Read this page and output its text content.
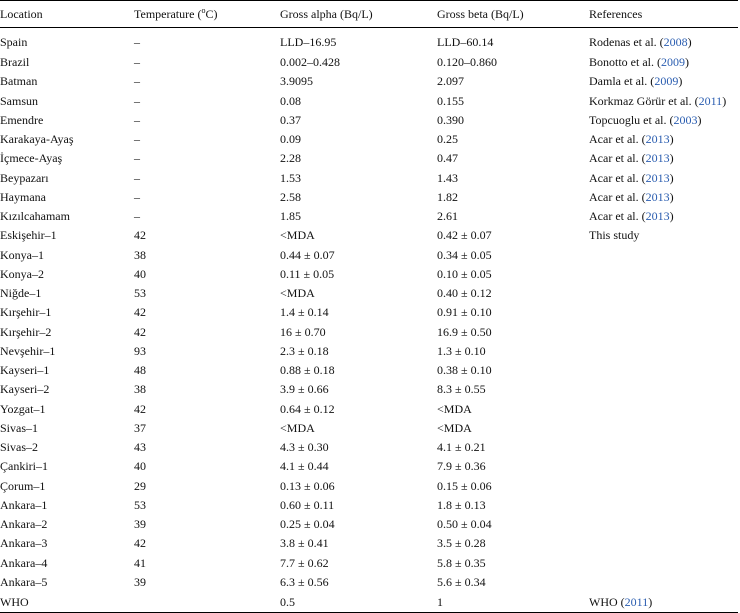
Location	Temperature ($^o$C)	Gross alpha (Bq/L)	Gross beta (Bq/L)	References
Spain	–	LLD–16.95	LLD–60.14	Rodenas et al. (2008)
Brazil	–	0.002–0.428	0.120–0.860	Bonotto et al. (2009)
Batman	–	3.9095	2.097	Damla et al. (2009)
Samsun	–	0.08	0.155	Korkmaz Görür et al. (2011)
Emendre	–	0.37	0.390	Topcuoglu et al. (2003)
Karakaya-Ayaş	–	0.09	0.25	Acar et al. (2013)
İçmece-Ayaş	–	2.28	0.47	Acar et al. (2013)
Beypazarı	–	1.53	1.43	Acar et al. (2013)
Haymana	–	2.58	1.82	Acar et al. (2013)
Kızılcahamam	–	1.85	2.61	Acar et al. (2013)
Eskişehir–1	42	<MDA	0.42 ± 0.07	This study
Konya–1	38	0.44 ± 0.07	0.34 ± 0.05	
Konya–2	40	0.11 ± 0.05	0.10 ± 0.05	
Niğde–1	53	<MDA	0.40 ± 0.12	
Kırşehir–1	42	1.4 ± 0.14	0.91 ± 0.10	
Kırşehir–2	42	16 ± 0.70	16.9 ± 0.50	
Nevşehir–1	93	2.3 ± 0.18	1.3 ± 0.10	
Kayseri–1	48	0.88 ± 0.18	0.38 ± 0.10	
Kayseri–2	38	3.9 ± 0.66	8.3 ± 0.55	
Yozgat–1	42	0.64 ± 0.12	<MDA	
Sivas–1	37	<MDA	<MDA	
Sivas–2	43	4.3 ± 0.30	4.1 ± 0.21	
Çankiri–1	40	4.1 ± 0.44	7.9 ± 0.36	
Çorum–1	29	0.13 ± 0.06	0.15 ± 0.06	
Ankara–1	53	0.60 ± 0.11	1.8 ± 0.13	
Ankara–2	39	0.25 ± 0.04	0.50 ± 0.04	
Ankara–3	42	3.8 ± 0.41	3.5 ± 0.28	
Ankara–4	41	7.7 ± 0.62	5.8 ± 0.35	
Ankara–5	39	6.3 ± 0.56	5.6 ± 0.34	
WHO		0.5	1	WHO (2011)
